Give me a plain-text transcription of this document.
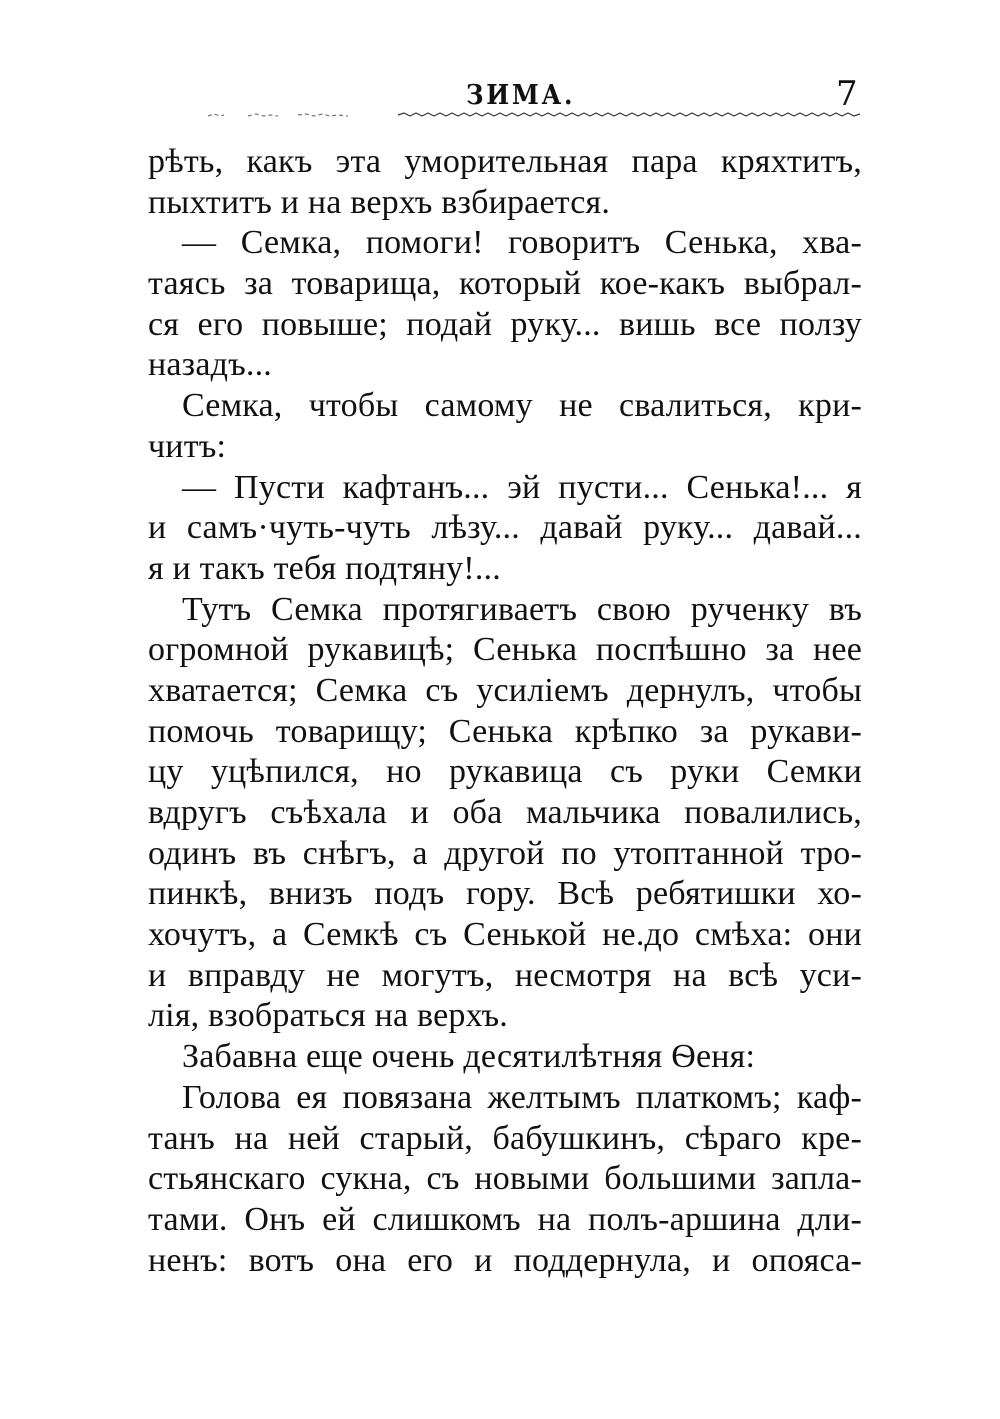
ЗИМА.	7
рѣть, какъ эта уморительная пара кряхтитъ,
пыхтитъ и на верхъ взбирается.
— Семка, помоги! говоритъ Сенька, хва-
таясь за товарища, который кое-какъ выбрал-
ся его повыше; подай руку... вишь все ползу
назадъ...
Семка, чтобы самому не свалиться, кри-
читъ:
— Пусти кафтанъ... эй пусти... Сенька!... я
и самъ·чуть-чуть лѣзу... давай руку... давай...
я и такъ тебя подтяну!...
Тутъ Семка протягиваетъ свою рученку въ
огромной рукавицѣ; Сенька поспѣшно за нее
хватается; Семка съ усиліемъ дернулъ, чтобы
помочь товарищу; Сенька крѣпко за рукави-
цу уцѣпился, но рукавица съ руки Семки
вдругъ съѣхала и оба мальчика повалились,
одинъ въ снѣгъ, а другой по утоптанной тро-
пинкѣ, внизъ подъ гору. Всѣ ребятишки хо-
хочутъ, а Семкѣ съ Сенькой не.до смѣха: они
и вправду не могутъ, несмотря на всѣ уси-
лія, взобраться на верхъ.
Забавна еще очень десятилѣтняя Ѳеня:
Голова ея повязана желтымъ платкомъ; каф-
танъ на ней старый, бабушкинъ, сѣраго кре-
стьянскаго сукна, съ новыми большими запла-
тами. Онъ ей слишкомъ на полъ-аршина дли-
ненъ: вотъ она его и поддернула, и опояса-
